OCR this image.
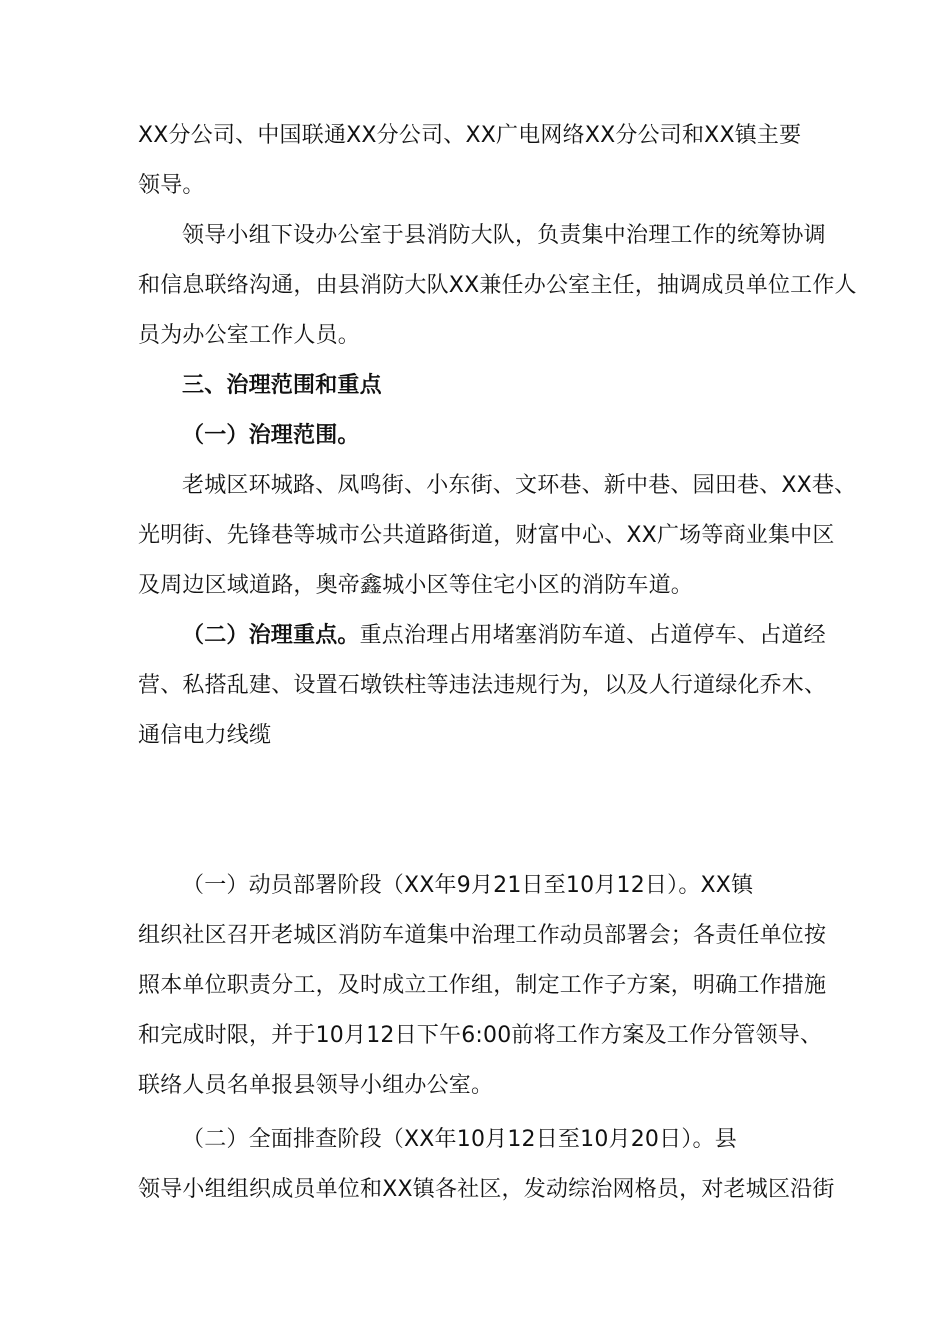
XX分公司、中国联通XX分公司、XX广电网络XX分公司和XX镇主要
领导。
领导小组下设办公室于县消防大队，负责集中治理工作的统筹协调
和信息联络沟通，由县消防大队XX兼任办公室主任，抽调成员单位工作人
员为办公室工作人员。
三、治理范围和重点
（一）治理范围。
老城区环城路、凤鸣街、小东街、文环巷、新中巷、园田巷、XX巷、
光明街、先锋巷等城市公共道路街道，财富中心、XX广场等商业集中区
及周边区域道路，奥帝鑫城小区等住宅小区的消防车道。
（二）治理重点。重点治理占用堵塞消防车道、占道停车、占道经
营、私搭乱建、设置石墩铁柱等违法违规行为，以及人行道绿化乔木、
通信电力线缆
（一）动员部署阶段（XX年9月21日至10月12日）。XX镇
组织社区召开老城区消防车道集中治理工作动员部署会；各责任单位按
照本单位职责分工，及时成立工作组，制定工作子方案，明确工作措施
和完成时限，并于10月12日下午6:00前将工作方案及工作分管领导、
联络人员名单报县领导小组办公室。
（二）全面排查阶段（XX年10月12日至10月20日）。县
领导小组组织成员单位和XX镇各社区，发动综治网格员，对老城区沿街
